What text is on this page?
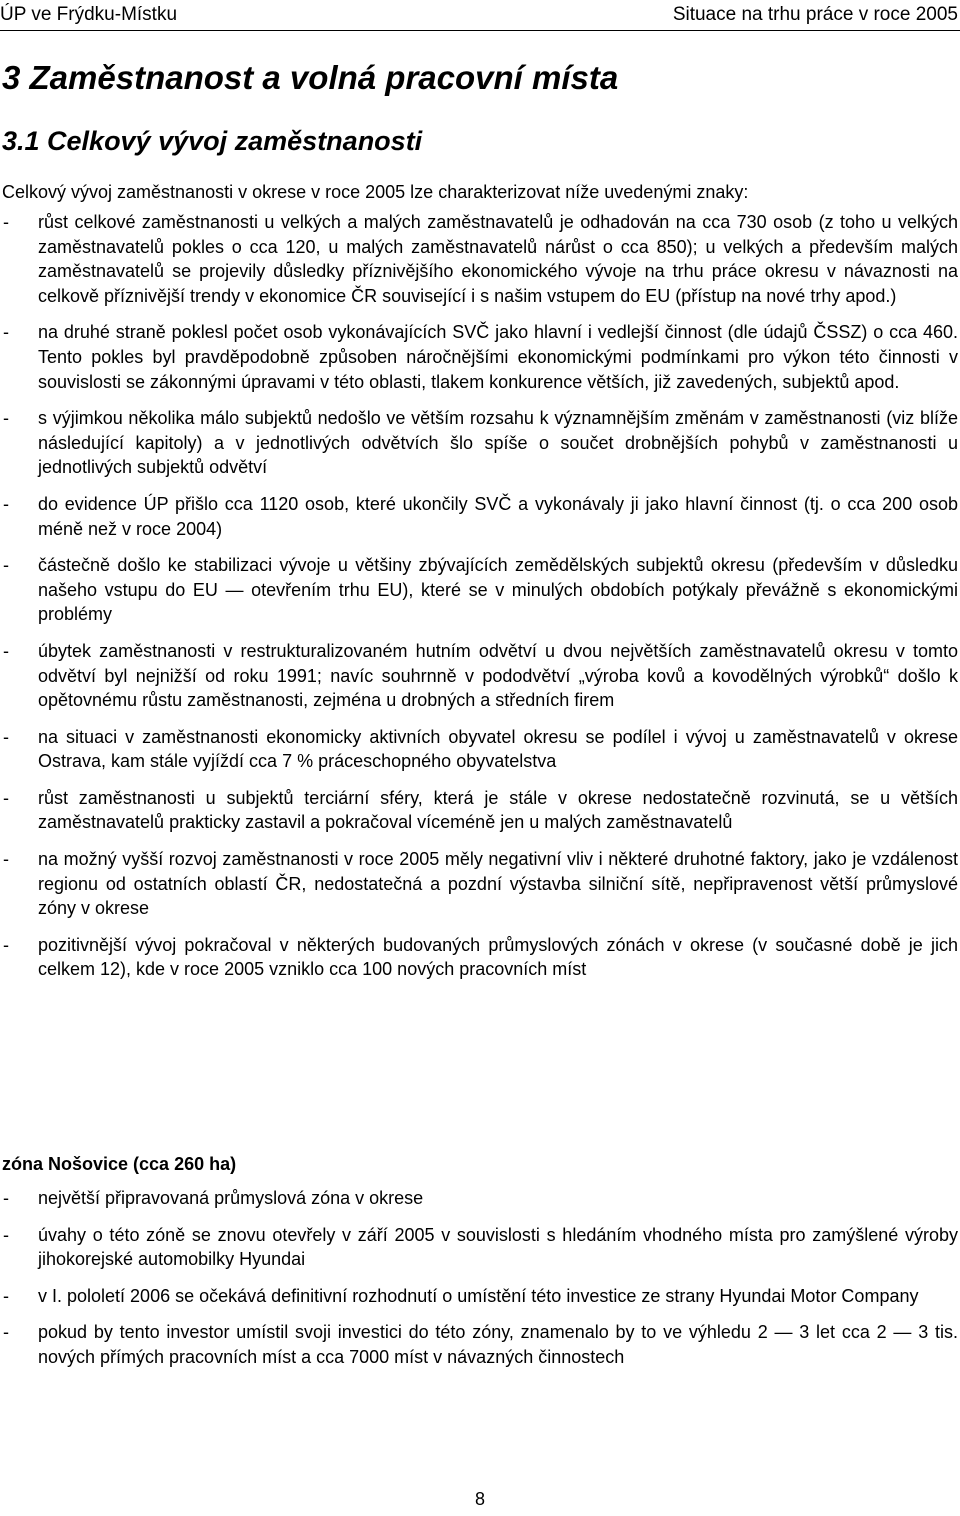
ÚP ve Frýdku-Místku	Situace na trhu práce v roce 2005
3 Zaměstnanost a volná pracovní místa
3.1 Celkový vývoj zaměstnanosti
Celkový vývoj zaměstnanosti v okrese v roce 2005 lze charakterizovat níže uvedenými znaky:
- růst celkové zaměstnanosti u velkých a malých zaměstnavatelů je odhadován na cca 730 osob (z toho u velkých zaměstnavatelů pokles o cca 120, u malých zaměstnavatelů nárůst o cca 850); u velkých a především malých zaměstnavatelů se projevily důsledky příznivějšího ekonomického vývoje na trhu práce okresu v návaznosti na celkově příznivější trendy v ekonomice ČR související i s našim vstupem do EU (přístup na nové trhy apod.)
- na druhé straně poklesl počet osob vykonávajících SVČ jako hlavní i vedlejší činnost (dle údajů ČSSZ) o cca 460. Tento pokles byl pravděpodobně způsoben náročnějšími ekonomickými podmínkami pro výkon této činnosti v souvislosti se zákonnými úpravami v této oblasti, tlakem konkurence větších, již zavedených, subjektů apod.
- s výjimkou několika málo subjektů nedošlo ve větším rozsahu k významnějším změnám v zaměstnanosti (viz blíže následující kapitoly) a v jednotlivých odvětvích šlo spíše o součet drobnějších pohybů v zaměstnanosti u jednotlivých subjektů odvětví
- do evidence ÚP přišlo cca 1120 osob, které ukončily SVČ a vykonávaly ji jako hlavní činnost (tj. o cca 200 osob méně než v roce 2004)
- částečně došlo ke stabilizaci vývoje u většiny zbývajících zemědělských subjektů okresu (především v důsledku našeho vstupu do EU — otevřením trhu EU), které se v minulých obdobích potýkaly převážně s ekonomickými problémy
- úbytek zaměstnanosti v restrukturalizovaném hutním odvětví u dvou největších zaměstnavatelů okresu v tomto odvětví byl nejnižší od roku 1991; navíc souhrnně v pododvětví „výroba kovů a kovodělných výrobků“ došlo k opětovnému růstu zaměstnanosti, zejména u drobných a středních firem
- na situaci v zaměstnanosti ekonomicky aktivních obyvatel okresu se podílel i vývoj u zaměstnavatelů v okrese Ostrava, kam stále vyjíždí cca 7 % práceschopného obyvatelstva
- růst zaměstnanosti u subjektů terciární sféry, která je stále v okrese nedostatečně rozvinutá, se u větších zaměstnavatelů prakticky zastavil a pokračoval víceméně jen u malých zaměstnavatelů
- na možný vyšší rozvoj zaměstnanosti v roce 2005 měly negativní vliv i některé druhotné faktory, jako je vzdálenost regionu od ostatních oblastí ČR, nedostatečná a pozdní výstavba silniční sítě, nepřipravenost větší průmyslové zóny v okrese
- pozitivnější vývoj pokračoval v některých budovaných průmyslových zónách v okrese (v současné době je jich celkem 12), kde v roce 2005 vzniklo cca 100 nových pracovních míst
zóna Nošovice (cca 260 ha)
- největší připravovaná průmyslová zóna v okrese
- úvahy o této zóně se znovu otevřely v září 2005 v souvislosti s hledáním vhodného místa pro zamýšlené výroby jihokorejské automobilky Hyundai
- v I. pololetí 2006 se očekává definitivní rozhodnutí o umístění této investice ze strany Hyundai Motor Company
- pokud by tento investor umístil svoji investici do této zóny, znamenalo by to ve výhledu 2 — 3 let cca 2 — 3 tis. nových přímých pracovních míst a cca 7000 míst v návazných činnostech
8
